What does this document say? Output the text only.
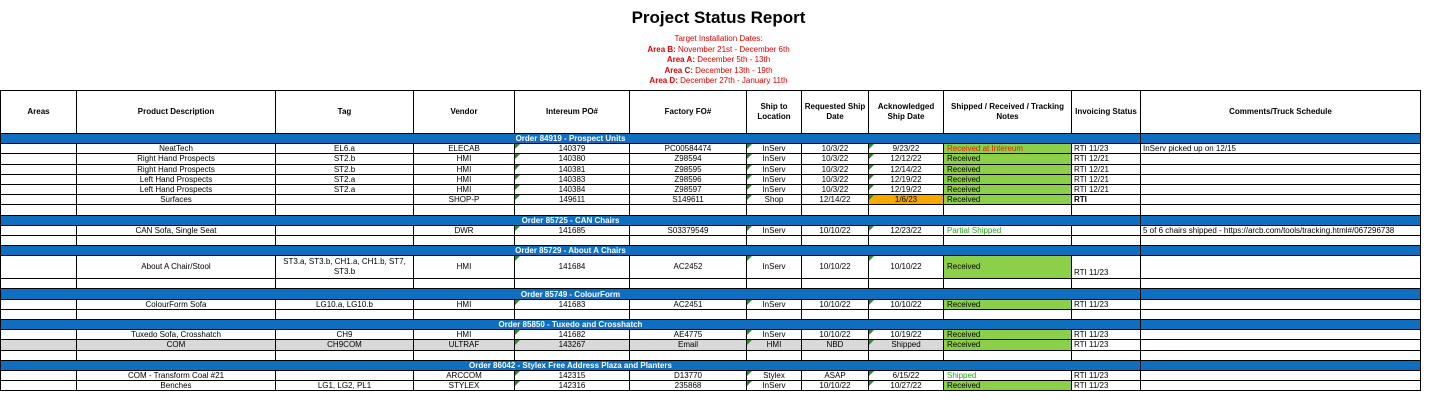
Project Status Report
Target Installation Dates:
Area B: November 21st - December 6th
Area A: December 5th - 13th
Area C: December 13th - 19th
Area D: December 27th - January 11th
Areas	Product Description	Tag	Vendor	Intereum PO#	Factory FO#	Ship to Location	Requested Ship Date	Acknowledged Ship Date	Shipped / Received / Tracking Notes	Invoicing Status	Comments/Truck Schedule
Order 84919 - Prospect Units											
	NeatTech	EL6.a	ELECAB	140379	PC00584474	InServ	10/3/22	9/23/22	Received at Intereum	RTI 11/23	InServ picked up on 12/15
	Right Hand Prospects	ST2.b	HMI	140380	Z98594	InServ	10/3/22	12/12/22	Received	RTI 12/21	
	Right Hand Prospects	ST2.b	HMI	140381	Z98595	InServ	10/3/22	12/14/22	Received	RTI 12/21	
	Left Hand Prospects	ST2.a	HMI	140383	Z98596	InServ	10/3/22	12/19/22	Received	RTI 12/21	
	Left Hand Prospects	ST2.a	HMI	140384	Z98597	InServ	10/3/22	12/19/22	Received	RTI 12/21	
	Surfaces		SHOP-P	149611	S149611	Shop	12/14/22	1/6/23	Received	RTI	

Order 85725 - CAN Chairs											
	CAN Sofa, Single Seat		DWR	141685	S03379549	InServ	10/10/22	12/23/22	Partial Shipped		5 of 6 chairs shipped - https://arcb.com/tools/tracking.html#/067296738

Order 85729 - About A Chairs											
	About A Chair/Stool	ST3.a, ST3.b, CH1.a, CH1.b, ST7, ST3.b	HMI	141684	AC2452	InServ	10/10/22	10/10/22	Received	RTI 11/23	

Order 85749 - ColourForm											
	ColourForm Sofa	LG10.a, LG10.b	HMI	141683	AC2451	InServ	10/10/22	10/10/22	Received	RTI 11/23	

Order 85850 - Tuxedo and Crosshatch											
	Tuxedo Sofa, Crosshatch	CH9	HMI	141682	AE4775	InServ	10/10/22	10/19/22	Received	RTI 11/23	
	COM	CH9COM	ULTRAF	143267	Email	HMI	NBD	Shipped	Received	RTI 11/23	

Order 86042 - Stylex Free Address Plaza and Planters											
	COM - Transform Coal #21		ARCCOM	142315	D13770	Stylex	ASAP	6/15/22	Shipped	RTI 11/23	
	Benches	LG1, LG2, PL1	STYLEX	142316	235868	InServ	10/10/22	10/27/22	Received	RTI 11/23	
